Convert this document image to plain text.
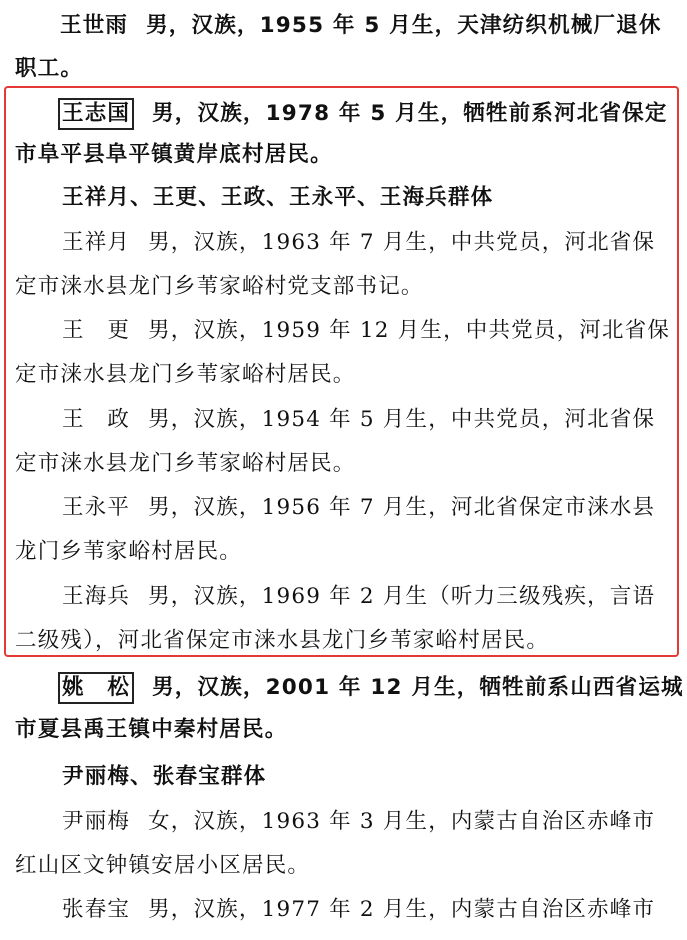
王世雨 男，汉族，1955 年 5 月生，天津纺织机械厂退休
职工。
王志国 男，汉族，1978 年 5 月生，牺牲前系河北省保定
市阜平县阜平镇黄岸底村居民。
王祥月、王更、王政、王永平、王海兵群体
王祥月 男，汉族，1963 年 7 月生，中共党员，河北省保
定市涞水县龙门乡苇家峪村党支部书记。
王　更 男，汉族，1959 年 12 月生，中共党员，河北省保
定市涞水县龙门乡苇家峪村居民。
王　政 男，汉族，1954 年 5 月生，中共党员，河北省保
定市涞水县龙门乡苇家峪村居民。
王永平 男，汉族，1956 年 7 月生，河北省保定市涞水县
龙门乡苇家峪村居民。
王海兵 男，汉族，1969 年 2 月生（听力三级残疾，言语
二级残），河北省保定市涞水县龙门乡苇家峪村居民。
姚　松 男，汉族，2001 年 12 月生，牺牲前系山西省运城
市夏县禹王镇中秦村居民。
尹丽梅、张春宝群体
尹丽梅 女，汉族，1963 年 3 月生，内蒙古自治区赤峰市
红山区文钟镇安居小区居民。
张春宝 男，汉族，1977 年 2 月生，内蒙古自治区赤峰市
